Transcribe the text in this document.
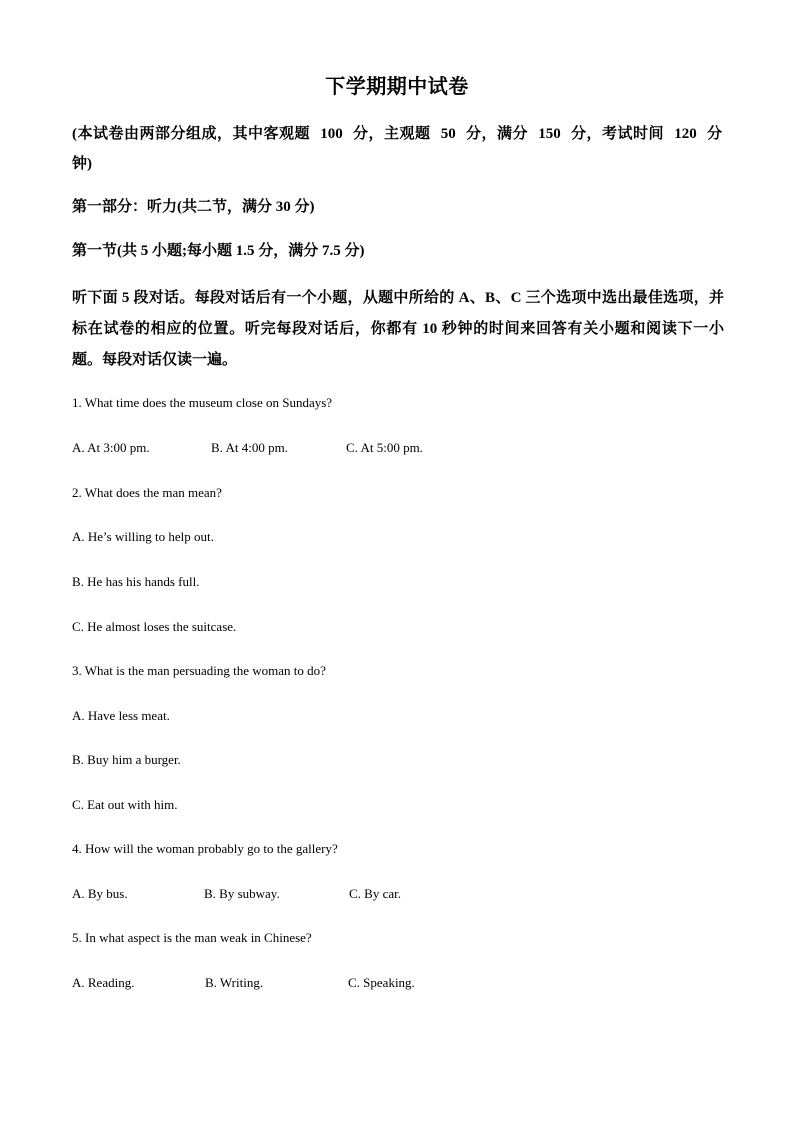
下学期期中试卷
(本试卷由两部分组成，其中客观题 100 分，主观题 50 分，满分 150 分，考试时间 120 分钟)
第一部分：听力(共二节，满分 30 分)
第一节(共 5 小题;每小题 1.5 分，满分 7.5 分)
听下面 5 段对话。每段对话后有一个小题，从题中所给的 A、B、C 三个选项中选出最佳选项，并标在试卷的相应的位置。听完每段对话后，你都有 10 秒钟的时间来回答有关小题和阅读下一小题。每段对话仅读一遍。
1. What time does the museum close on Sundays?
A. At 3:00 pm.	B. At 4:00 pm.	C. At 5:00 pm.
2. What does the man mean?
A. He’s willing to help out.
B. He has his hands full.
C. He almost loses the suitcase.
3. What is the man persuading the woman to do?
A. Have less meat.
B. Buy him a burger.
C. Eat out with him.
4. How will the woman probably go to the gallery?
A. By bus.	B. By subway.	C. By car.
5. In what aspect is the man weak in Chinese?
A. Reading.	B. Writing.	C. Speaking.
